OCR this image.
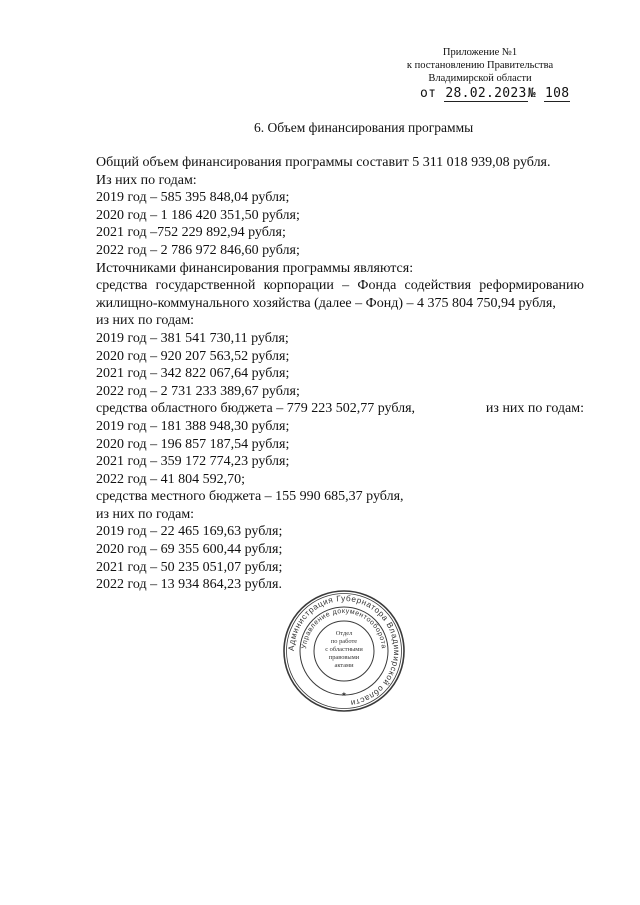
Приложение №1
к постановлению Правительства
Владимирской области
от 28.02.2023№ 108
6. Объем финансирования программы
Общий объем финансирования программы составит 5 311 018 939,08 рубля.
Из них по годам:
2019 год – 585 395 848,04 рубля;
2020 год – 1 186 420 351,50 рубля;
2021 год –752 229 892,94 рубля;
2022 год – 2 786 972 846,60 рубля;
Источниками финансирования программы являются:
средства государственной корпорации – Фонда содействия реформированию
жилищно-коммунального хозяйства (далее – Фонд) – 4 375 804 750,94 рубля,
из них по годам:
2019 год – 381 541 730,11 рубля;
2020 год – 920 207 563,52 рубля;
2021 год – 342 822 067,64 рубля;
2022 год – 2 731 233 389,67 рубля;
средства областного бюджета – 779 223 502,77 рубля,	из них по годам:
2019 год – 181 388 948,30 рубля;
2020 год – 196 857 187,54 рубля;
2021 год – 359 172 774,23 рубля;
2022 год – 41 804 592,70;
средства местного бюджета – 155 990 685,37 рубля,
из них по годам:
2019 год – 22 465 169,63 рубля;
2020 год – 69 355 600,44 рубля;
2021 год – 50 235 051,07 рубля;
2022 год – 13 934 864,23 рубля.
Администрация Губернатора Владимирской области
Управление документооборота
Отдел
по работе
с областными
правовыми
актами
★
